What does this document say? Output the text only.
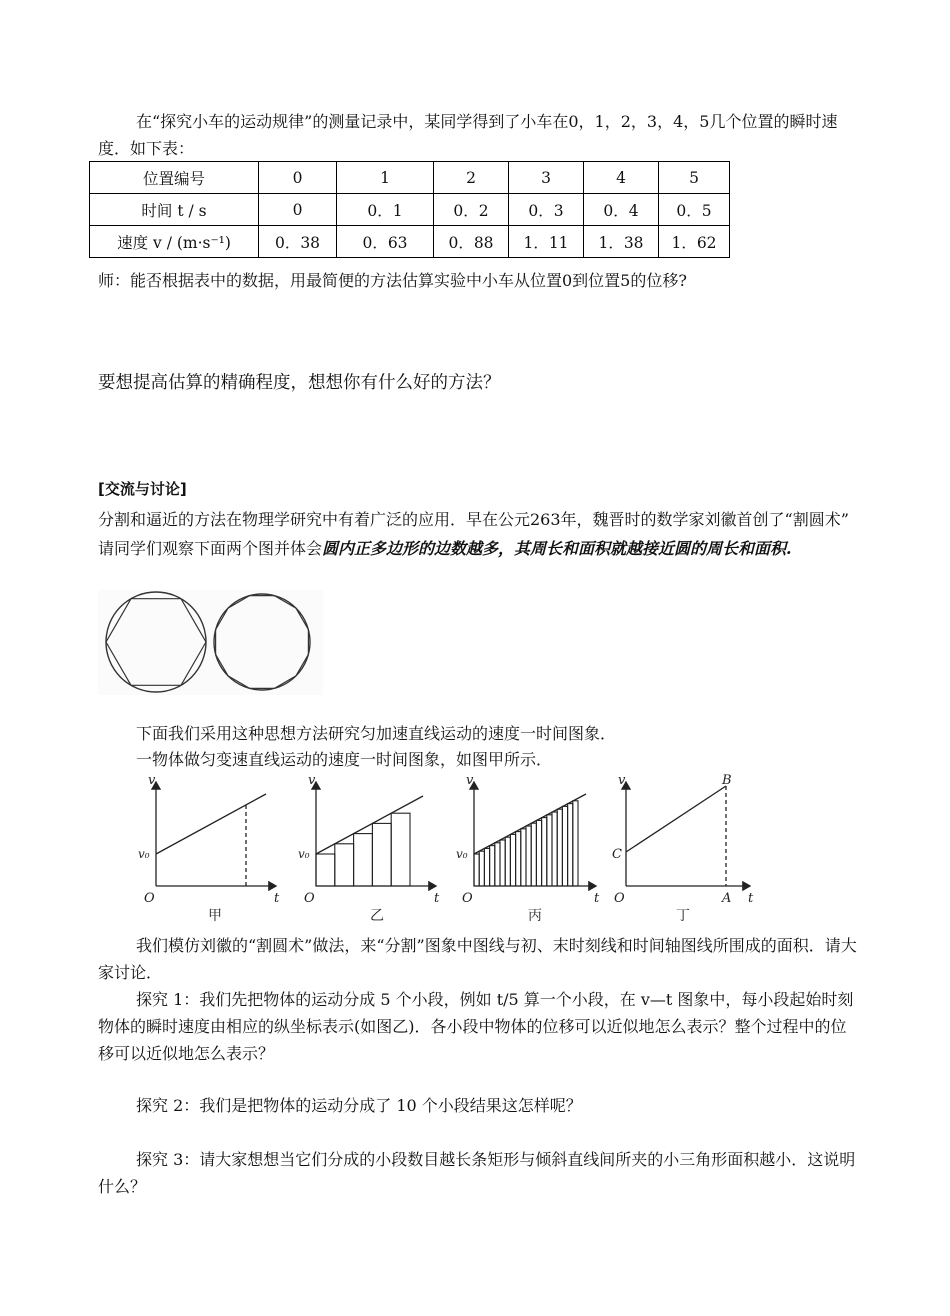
在“探究小车的运动规律”的测量记录中，某同学得到了小车在0，1，2，3，4，5几个位置的瞬时速度．如下表：

位置编号	0	1	2	3	4	5
时间 t / s	0	0．1	0．2	0．3	0．4	0．5
速度 v / (m·s⁻¹)	0．38	0．63	0．88	1．11	1．38	1．62

师：能否根据表中的数据，用最简便的方法估算实验中小车从位置0到位置5的位移?

要想提高估算的精确程度，想想你有什么好的方法？

[交流与讨论]

分割和逼近的方法在物理学研究中有着广泛的应用．早在公元263年，魏晋时的数学家刘徽首创了“割圆术” 请同学们观察下面两个图并体会圆内正多边形的边数越多，其周长和面积就越接近圆的周长和面积.

下面我们采用这种思想方法研究匀加速直线运动的速度一时间图象．

一物体做匀变速直线运动的速度一时间图象，如图甲所示．

v
t
O
v₀
甲
v
t
O
v₀
乙
v
t
O
v₀
丙
v
t
O
C
B
A
丁

我们模仿刘徽的“割圆术”做法，来“分割”图象中图线与初、末时刻线和时间轴图线所围成的面积．请大家讨论．

探究 1：我们先把物体的运动分成 5 个小段，例如 t/5 算一个小段，在 v—t 图象中，每小段起始时刻物体的瞬时速度由相应的纵坐标表示(如图乙)．各小段中物体的位移可以近似地怎么表示？整个过程中的位移可以近似地怎么表示？

探究 2：我们是把物体的运动分成了 10 个小段结果这怎样呢？

探究 3：请大家想想当它们分成的小段数目越长条矩形与倾斜直线间所夹的小三角形面积越小．这说明什么？
